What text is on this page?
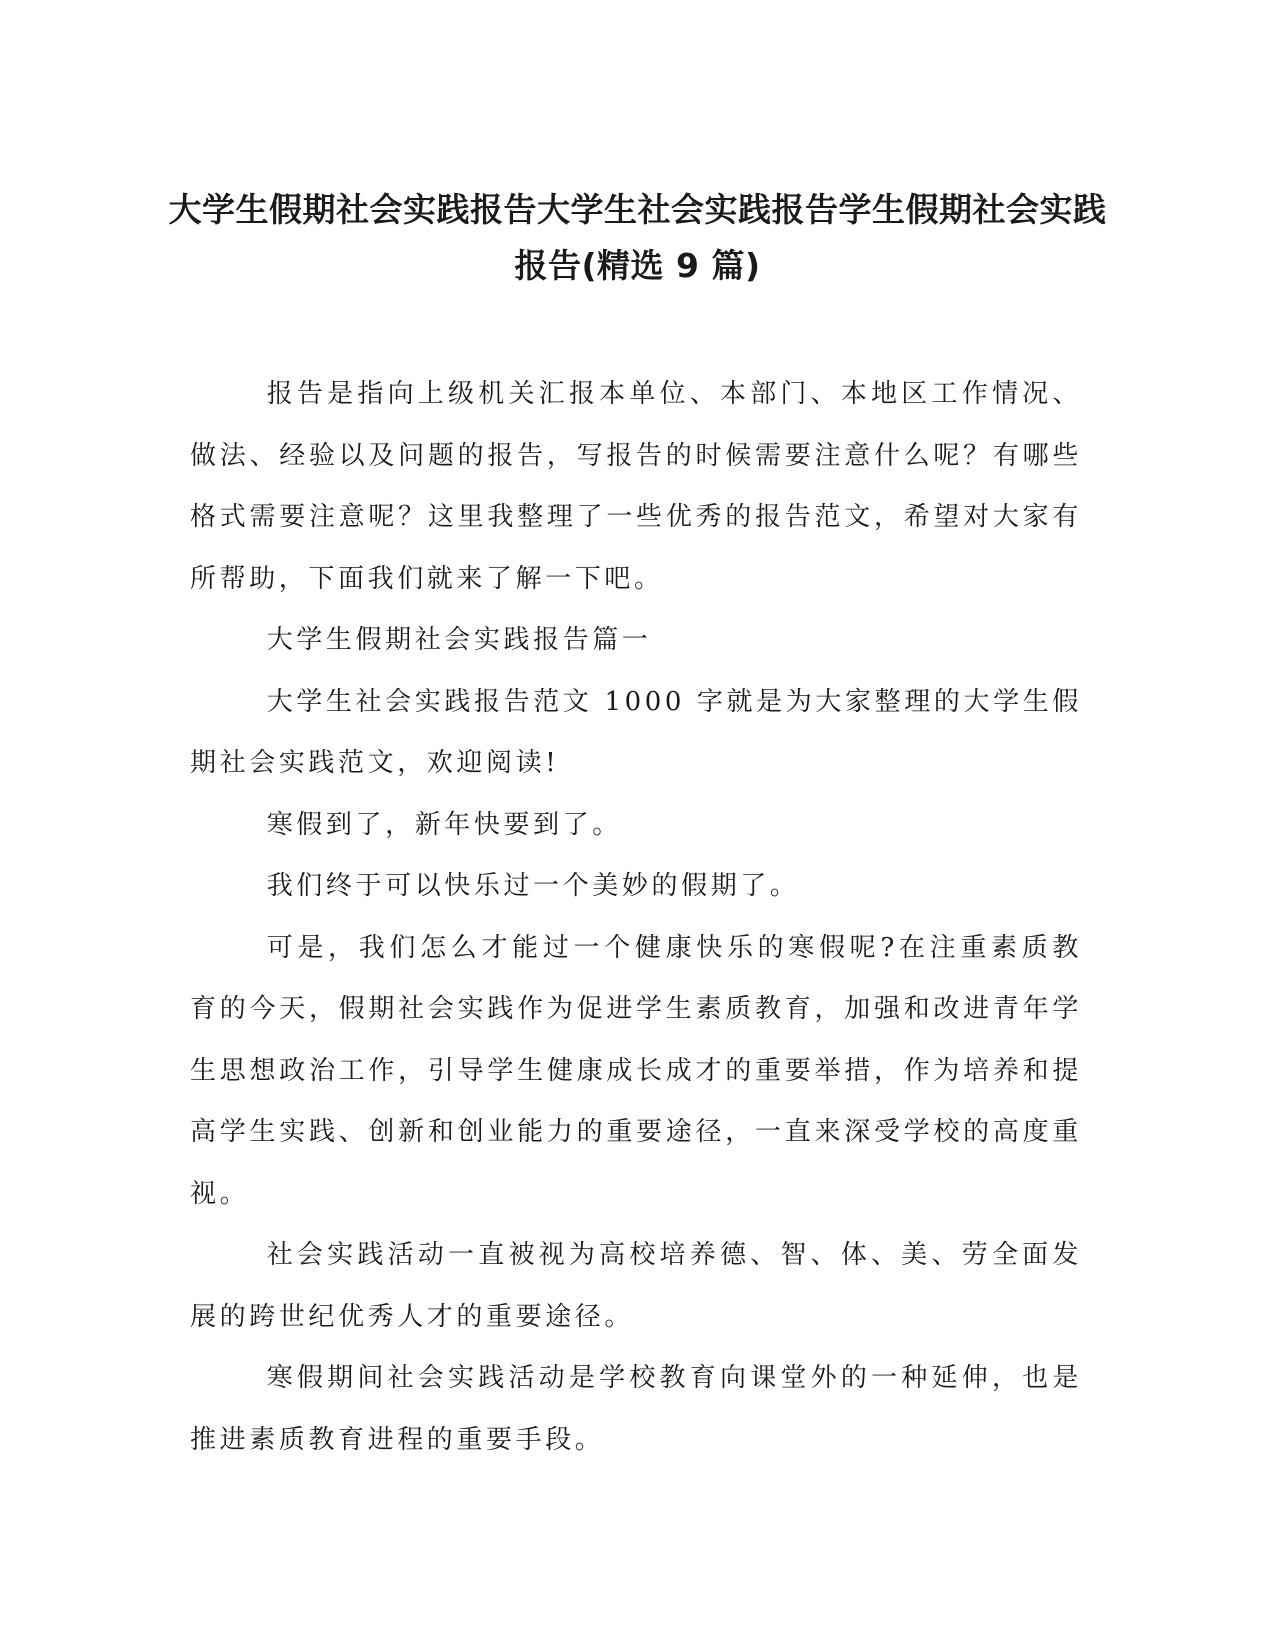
大学生假期社会实践报告大学生社会实践报告学生假期社会实践报告(精选 9 篇)

报告是指向上级机关汇报本单位、本部门、本地区工作情况、做法、经验以及问题的报告，写报告的时候需要注意什么呢？有哪些格式需要注意呢？这里我整理了一些优秀的报告范文，希望对大家有所帮助，下面我们就来了解一下吧。

大学生假期社会实践报告篇一

大学生社会实践报告范文 1000 字就是为大家整理的大学生假期社会实践范文，欢迎阅读!

寒假到了，新年快要到了。

我们终于可以快乐过一个美妙的假期了。

可是，我们怎么才能过一个健康快乐的寒假呢?在注重素质教育的今天，假期社会实践作为促进学生素质教育，加强和改进青年学生思想政治工作，引导学生健康成长成才的重要举措，作为培养和提高学生实践、创新和创业能力的重要途径，一直来深受学校的高度重视。

社会实践活动一直被视为高校培养德、智、体、美、劳全面发展的跨世纪优秀人才的重要途径。

寒假期间社会实践活动是学校教育向课堂外的一种延伸，也是推进素质教育进程的重要手段。
